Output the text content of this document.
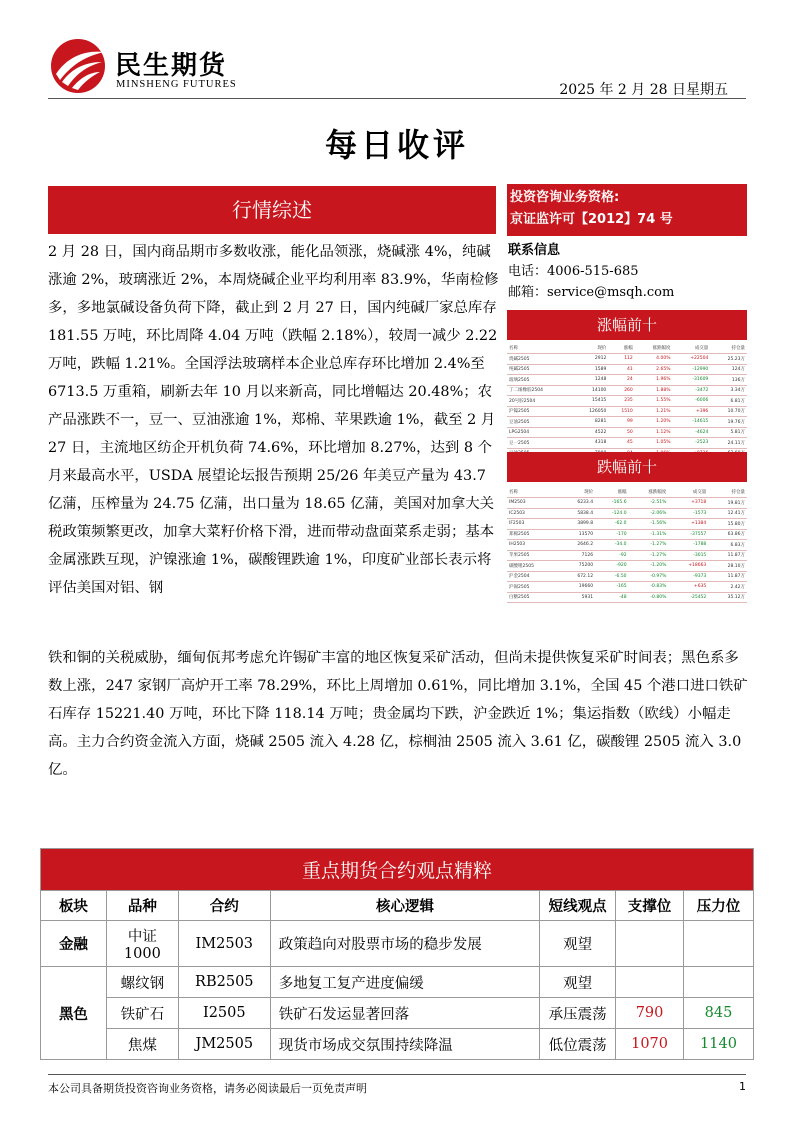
民生期货
MINSHENG FUTURES	2025 年 2 月 28 日星期五
每日收评
行情综述
投资咨询业务资格:
京证监许可【2012】74 号
联系信息
电话：4006-515-685
邮箱：service@msqh.com

2 月 28 日，国内商品期市多数收涨，能化品领涨，烧碱涨 4%，纯碱涨逾 2%，玻璃涨近 2%，本周烧碱企业平均利用率 83.9%，华南检修多，多地氯碱设备负荷下降，截止到 2 月 27 日，国内纯碱厂家总库存 181.55 万吨，环比周降 4.04 万吨（跌幅 2.18%），较周一减少 2.22 万吨，跌幅 1.21%。全国浮法玻璃样本企业总库存环比增加 2.4%至 6713.5 万重箱，刷新去年 10 月以来新高，同比增幅达 20.48%；农产品涨跌不一，豆一、豆油涨逾 1%，郑棉、苹果跌逾 1%，截至 2 月 27 日，主流地区纺企开机负荷 74.6%，环比增加 8.27%，达到 8 个月来最高水平，USDA 展望论坛报告预期 25/26 年美豆产量为 43.7 亿蒲，压榨量为 24.75 亿蒲，出口量为 18.65 亿蒲，美国对加拿大关税政策频繁更改，加拿大菜籽价格下滑，进而带动盘面菜系走弱；基本金属涨跌互现，沪镍涨逾 1%，碳酸锂跌逾 1%，印度矿业部长表示将评估美国对铝、钢

铁和铜的关税威胁，缅甸佤邦考虑允许锡矿丰富的地区恢复采矿活动，但尚未提供恢复采矿时间表；黑色系多数上涨，247 家钢厂高炉开工率 78.29%，环比上周增加 0.61%，同比增加 3.1%，全国 45 个港口进口铁矿石库存 15221.40 万吨，环比下降 118.14 万吨；贵金属均下跌，沪金跌近 1%；集运指数（欧线）小幅走高。主力合约资金流入方面，烧碱 2505 流入 4.28 亿，棕榈油 2505 流入 3.61 亿，碳酸锂 2505 流入 3.0 亿。

涨幅前十
名称	现价	涨幅	涨跌幅度	成交量	持仓量
烧碱2505	2912	112	4.00%	+22504	25.23万
纯碱2505	1589	41	2.65%	-12990	124万
玻璃2505	1248	24	1.96%	-31609	136万
丁二烯橡胶2504	14100	260	1.88%	-3472	3.34万
20号胶2504	15415	235	1.55%	-6006	6.81万
沪镍2505	126050	1510	1.21%	+396	10.70万
豆油2505	8281	99	1.20%	-14615	19.76万
LPG2504	4522	50	1.12%	-4624	5.81万
豆一2505	4318	45	1.05%	-2523	24.11万

跌幅前十
名称	现价	涨幅	涨跌幅度	成交量	持仓量
IM2503	6233.4	-165.6	-2.51%	+3718	19.81万
IC2503	5838.4	-124.0	-2.06%	-1573	12.41万
IF2503	3899.8	-62.0	-1.56%	+1384	15.80万
郑棉2505	13570	-170	-1.31%	-37557	63.86万
IH2503	2646.2	-34.0	-1.27%	-1788	6.83万
苹果2505	7126	-92	-1.27%	-3015	11.87万
碳酸锂2505	75200	-920	-1.20%	+18663	28.10万
沪金2504	672.12	-6.50	-0.97%	-9373	11.87万
沪锡2505	19660	-165	-0.83%	+635	2.42万
白糖2505	5931	-48	-0.80%	-25452	35.12万
重点期货合约观点精粹						
板块	品种	合约	核心逻辑	短线观点	支撑位	压力位
金融	中证1000	IM2503	政策趋向对股票市场的稳步发展	观望		
黑色	螺纹钢	RB2505	多地复工复产进度偏缓	观望		
	铁矿石	I2505	铁矿石发运显著回落	承压震荡	790	845
	焦煤	JM2505	现货市场成交氛围持续降温	低位震荡	1070	1140
本公司具备期货投资咨询业务资格，请务必阅读最后一页免责声明	1
